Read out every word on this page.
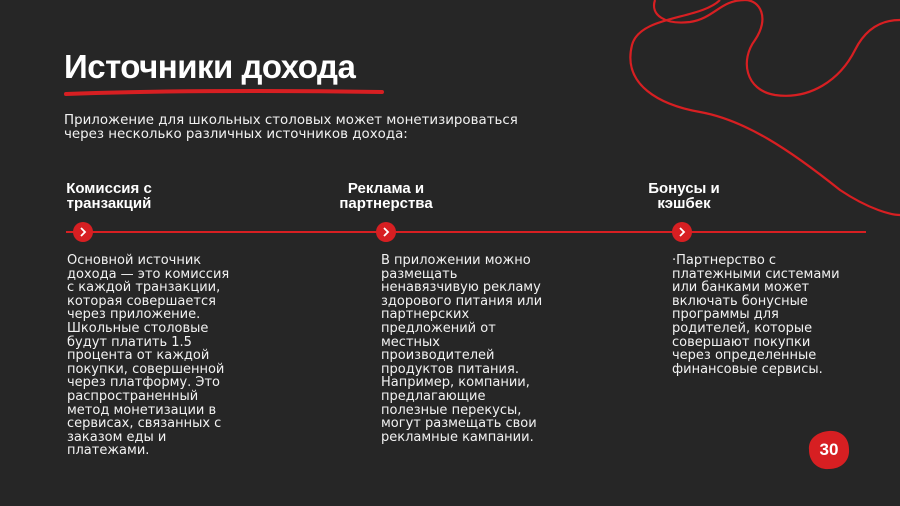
Источники дохода
Приложение для школьных столовых может монетизироваться через несколько различных источников дохода:
Комиссия с
транзакций
Реклама и
партнерства
Бонусы и
кэшбек
Основной источник
дохода — это комиссия
с каждой транзакции,
которая совершается
через приложение.
Школьные столовые
будут платить 1.5
процента от каждой
покупки, совершенной
через платформу. Это
распространенный
метод монетизации в
сервисах, связанных с
заказом еды и
платежами.
В приложении можно
размещать
ненавязчивую рекламу
здорового питания или
партнерских
предложений от
местных
производителей
продуктов питания.
Например, компании,
предлагающие
полезные перекусы,
могут размещать свои
рекламные кампании.
·Партнерство с
платежными системами
или банками может
включать бонусные
программы для
родителей, которые
совершают покупки
через определенные
финансовые сервисы.
30
